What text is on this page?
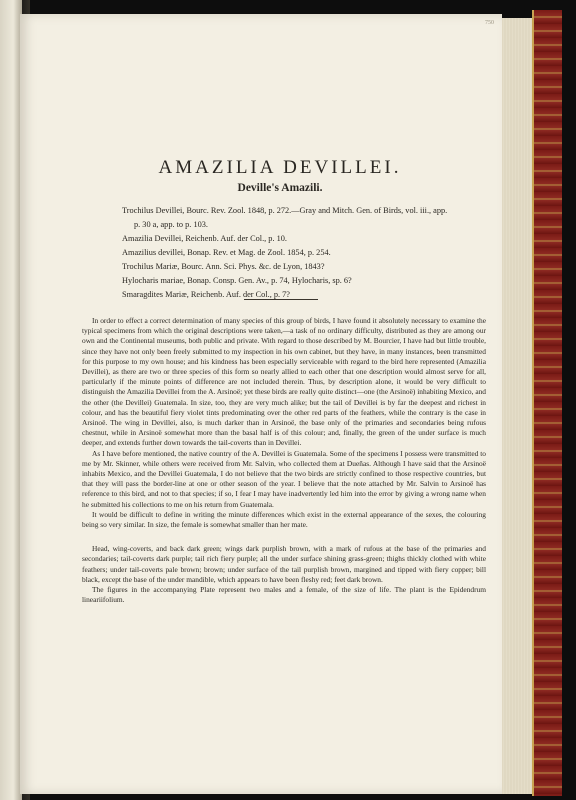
750
AMAZILIA DEVILLEI.
Deville's Amazili.
Trochilus Devillei, Bourc. Rev. Zool. 1848, p. 272.—Gray and Mitch. Gen. of Birds, vol. iii., app. p. 30 a, app. to p. 103.
Amazilia Devillei, Reichenb. Auf. der Col., p. 10.
Amazilius devillei, Bonap. Rev. et Mag. de Zool. 1854, p. 254.
Trochilus Mariæ, Bourc. Ann. Sci. Phys. &c. de Lyon, 1843?
Hylocharis mariae, Bonap. Consp. Gen. Av., p. 74, Hylocharis, sp. 6?
Smaragdites Mariæ, Reichenb. Auf. der Col., p. 7?

In order to effect a correct determination of many species of this group of birds, I have found it absolutely necessary to examine the typical specimens from which the original descriptions were taken,—a task of no ordinary difficulty, distributed as they are among our own and the Continental museums, both public and private. With regard to those described by M. Bourcier, I have had but little trouble, since they have not only been freely submitted to my inspection in his own cabinet, but they have, in many instances, been transmitted for this purpose to my own house; and his kindness has been especially serviceable with regard to the bird here represented (Amazilia Devillei), as there are two or three species of this form so nearly allied to each other that one description would almost serve for all, particularly if the minute points of difference are not included therein. Thus, by description alone, it would be very difficult to distinguish the Amazilia Devillei from the A. Arsinoë; yet these birds are really quite distinct—one (the Arsinoë) inhabiting Mexico, and the other (the Devillei) Guatemala. In size, too, they are very much alike; but the tail of Devillei is by far the deepest and richest in colour, and has the beautiful fiery violet tints predominating over the other red parts of the feathers, while the contrary is the case in Arsinoë. The wing in Devillei, also, is much darker than in Arsinoë, the base only of the primaries and secondaries being rufous chestnut, while in Arsinoë somewhat more than the basal half is of this colour; and, finally, the green of the under surface is much deeper, and extends further down towards the tail-coverts than in Devillei.

As I have before mentioned, the native country of the A. Devillei is Guatemala. Some of the specimens I possess were transmitted to me by Mr. Skinner, while others were received from Mr. Salvin, who collected them at Dueñas. Although I have said that the Arsinoë inhabits Mexico, and the Devillei Guatemala, I do not believe that the two birds are strictly confined to those respective countries, but that they will pass the border-line at one or other season of the year. I believe that the note attached by Mr. Salvin to Arsinoë has reference to this bird, and not to that species; if so, I fear I may have inadvertently led him into the error by giving a wrong name when he submitted his collections to me on his return from Guatemala.

It would be difficult to define in writing the minute differences which exist in the external appearance of the sexes, the colouring being so very similar. In size, the female is somewhat smaller than her mate.

Head, wing-coverts, and back dark green; wings dark purplish brown, with a mark of rufous at the base of the primaries and secondaries; tail-coverts dark purple; tail rich fiery purple; all the under surface shining grass-green; thighs thickly clothed with white feathers; under tail-coverts pale brown; brown; under surface of the tail purplish brown, margined and tipped with fiery copper; bill black, except the base of the under mandible, which appears to have been fleshy red; feet dark brown.

The figures in the accompanying Plate represent two males and a female, of the size of life. The plant is the Epidendrum lineariifolium.
